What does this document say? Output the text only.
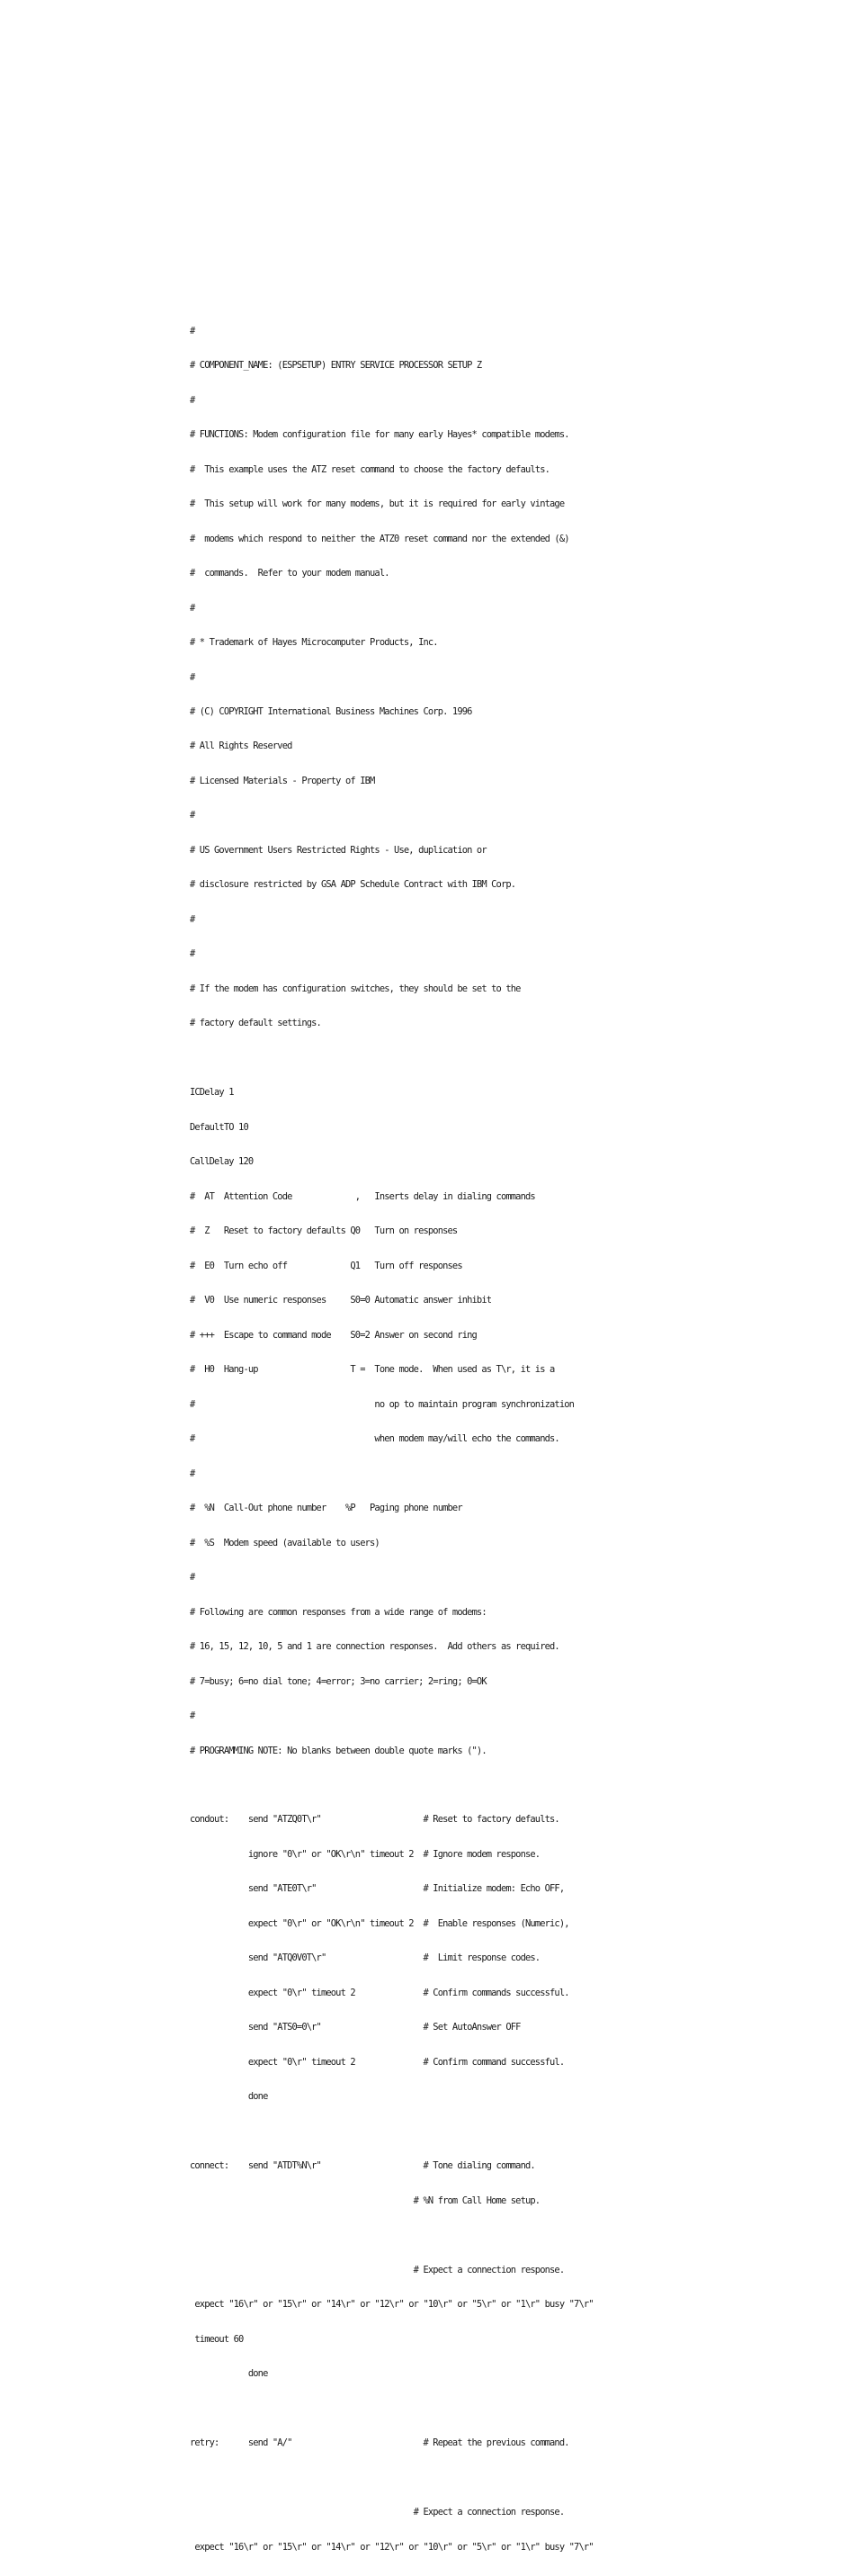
#

# COMPONENT_NAME: (ESPSETUP) ENTRY SERVICE PROCESSOR SETUP Z

#

# FUNCTIONS: Modem configuration file for many early Hayes* compatible modems.

#  This example uses the ATZ reset command to choose the factory defaults.

#  This setup will work for many modems, but it is required for early vintage

#  modems which respond to neither the ATZ0 reset command nor the extended (&)

#  commands.  Refer to your modem manual.

#

# * Trademark of Hayes Microcomputer Products, Inc.

#

# (C) COPYRIGHT International Business Machines Corp. 1996

# All Rights Reserved

# Licensed Materials - Property of IBM

#

# US Government Users Restricted Rights - Use, duplication or

# disclosure restricted by GSA ADP Schedule Contract with IBM Corp.

#

#

# If the modem has configuration switches, they should be set to the

# factory default settings.

ICDelay 1

DefaultTO 10

CallDelay 120

#  AT  Attention Code             ,   Inserts delay in dialing commands

#  Z   Reset to factory defaults Q0   Turn on responses

#  E0  Turn echo off             Q1   Turn off responses

#  V0  Use numeric responses     S0=0 Automatic answer inhibit

# +++  Escape to command mode    S0=2 Answer on second ring

#  H0  Hang-up                   T =  Tone mode.  When used as T\r, it is a

#                                     no op to maintain program synchronization

#                                     when modem may/will echo the commands.

#

#  %N  Call-Out phone number    %P   Paging phone number

#  %S  Modem speed (available to users)

#

# Following are common responses from a wide range of modems:

# 16, 15, 12, 10, 5 and 1 are connection responses.  Add others as required.

# 7=busy; 6=no dial tone; 4=error; 3=no carrier; 2=ring; 0=OK

#

# PROGRAMMING NOTE: No blanks between double quote marks (").

condout:    send "ATZQ0T\r"                     # Reset to factory defaults.

ignore "0\r" or "OK\r\n" timeout 2  # Ignore modem response.

send "ATE0T\r"                      # Initialize modem: Echo OFF,

expect "0\r" or "OK\r\n" timeout 2  #  Enable responses (Numeric),

send "ATQ0V0T\r"                    #  Limit response codes.

expect "0\r" timeout 2              # Confirm commands successful.

send "ATS0=0\r"                     # Set AutoAnswer OFF

expect "0\r" timeout 2              # Confirm command successful.

done

connect:    send "ATDT%N\r"                     # Tone dialing command.

# %N from Call Home setup.

# Expect a connection response.

expect "16\r" or "15\r" or "14\r" or "12\r" or "10\r" or "5\r" or "1\r" busy "7\r"

timeout 60

done

retry:      send "A/"                           # Repeat the previous command.

# Expect a connection response.

expect "16\r" or "15\r" or "14\r" or "12\r" or "10\r" or "5\r" or "1\r" busy "7\r"
